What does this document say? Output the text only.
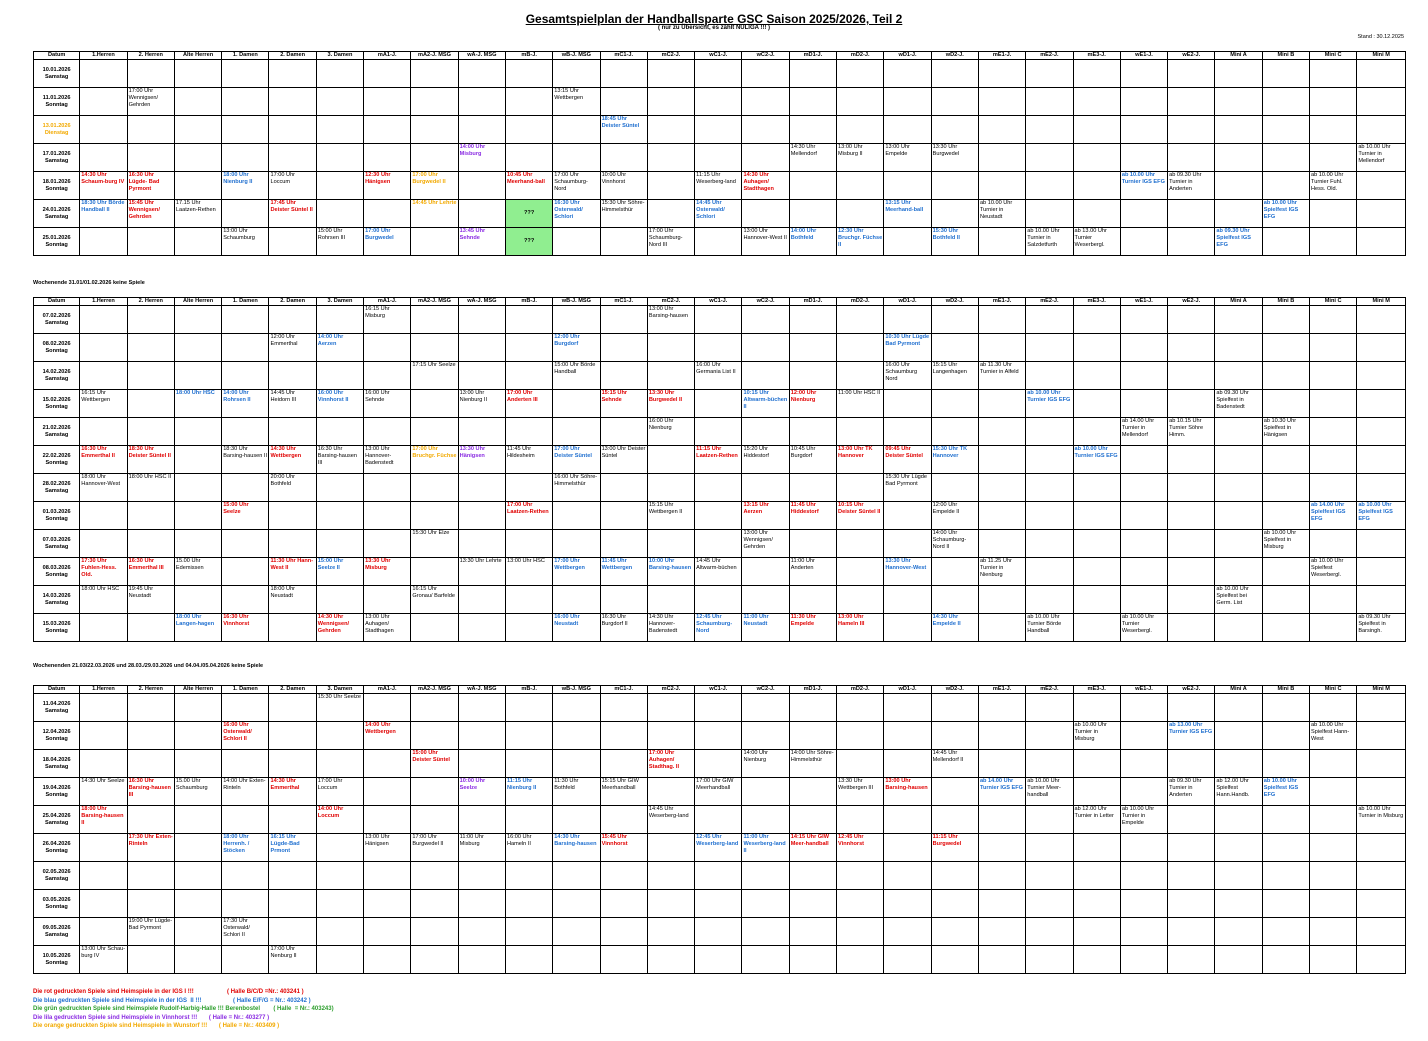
Gesamtspielplan der Handballsparte GSC Saison 2025/2026, Teil 2
( nur zu Übersicht, es zählt NULIGA !!! )
Stand : 30.12.2025
Datum	1.Herren	2. Herren	Alte Herren	1. Damen	2. Damen	3. Damen	mA1-J.	mA2-J. MSG	wA-J. MSG	mB-J.	wB-J. MSG	mC1-J.	mC2-J.	wC1-J.	wC2-J.	mD1-J.	mD2-J.	wD1-J.	wD2-J.	mE1-J.	mE2-J.	mE3-J.	wE1-J.	wE2-J.	Mini A	Mini B	Mini C	Mini M

10.01.2026
Samstag																												

11.01.2026
Sonntag		17:00 Uhr Wennigsen/ Gehrden									13:15 Uhr Wettbergen																	

13.01.2026
Dienstag												18:45 Uhr Deister Süntel																

17.01.2026
Samstag									14:00 Uhr Misburg							14:30 Uhr Mellendorf	13:00 Uhr Misburg II	13:00 Uhr Empelde	13:30 Uhr Burgwedel									ab 10.00 Uhr Turnier in Mellendorf

18.01.2026
Sonntag	14:30 Uhr Schaum-burg IV	16:30 Uhr Lügde- Bad Pyrmont		18:00 Uhr Nienburg II	17:00 Uhr Loccum		12:30 Uhr Hänigsen	17:00 Uhr Burgwedel II		10:45 Uhr Meerhand-ball	17:00 Uhr Schaumburg-Nord	10:00 Uhr Vinnhorst		11:15 Uhr Weserberg-land	14:30 Uhr Auhagen/ Stadthagen								ab 10.00 Uhr Turnier IGS EFG	ab 09.30 Uhr Turnier in Anderten			ab 10.00 Uhr Turnier Fuhl. Hess. Old.	

24.01.2026
Samstag	18:30 Uhr Börde Handball II	15:45 Uhr Wennigsen/ Gehrden	17.15 Uhr Laatzen-Rethen		17:45 Uhr Deister Süntel II			14:45 Uhr Lehrte		???	16:30 Uhr Osterwald/ Schlori	15:30 Uhr Söhre-Himmelsthür		14:45 Uhr Osterwald/ Schlori				13:15 Uhr Meerhand-ball		ab 10.00 Uhr Turnier in Neustadt						ab 10.00 Uhr Spielfest IGS EFG		

25.01.2026
Sonntag				13:00 Uhr Schaumburg		15:00 Uhr Rohrsen III	17:00 Uhr Burgwedel		13:45 Uhr Sehnde	???			17:00 Uhr Schaumburg-Nord III		13:00 Uhr Hannover-West II	14:00 Uhr Bothfeld	12:30 Uhr Bruchgr. Füchse II		15:30 Uhr Bothfeld II		ab 10.00 Uhr Turnier in Salzdetfurth	ab 13.00 Uhr Turnier Weserbergl.			ab 09.30 Uhr Spielfest IGS EFG			
Wochenende 31.01/01.02.2026 keine Spiele
Datum	1.Herren	2. Herren	Alte Herren	1. Damen	2. Damen	3. Damen	mA1-J.	mA2-J. MSG	wA-J. MSG	mB-J.	wB-J. MSG	mC1-J.	mC2-J.	wC1-J.	wC2-J.	mD1-J.	mD2-J.	wD1-J.	wD2-J.	mE1-J.	mE2-J.	mE3-J.	wE1-J.	wE2-J.	Mini A	Mini B	Mini C	Mini M

07.02.2026
Samstag							16:15 Uhr Misburg						13:00 Uhr Barsing-hausen															

08.02.2026
Sonntag					12:00 Uhr Emmerthal	14:00 Uhr Aerzen					12:00 Uhr Burgdorf							10:30 Uhr Lügde Bad Pyrmont										

14.02.2026
Samstag								17:15 Uhr Seelze			15:00 Uhr Börde Handball			16:00 Uhr Germania List II				16:00 Uhr Schaumburg Nord	15:15 Uhr Langenhagen	ab 11.30 Uhr Turnier in Alfeld								

15.02.2026
Sonntag	16:15 Uhr Wettbergen		18:00 Uhr HSC	14:00 Uhr Rohrsen II	14:45 Uhr Heidorn III	16:00 Uhr Vinnhorst II	16:00 Uhr Sehnde		13:00 Uhr Nienburg II	17:00 Uhr Anderten III		15:15 Uhr Sehnde	13:30 Uhr Burgwedel II		10:15 Uhr Altwarm-büchen II	12:00 Uhr Nienburg	11:00 Uhr HSC II				ab 10.00 Uhr Turnier IGS EFG				ab 09.30 Uhr Spielfest in Badenstedt			

21.02.2026
Samstag													16:00 Uhr Nienburg										ab 14.00 Uhr Turnier in Mellendorf	ab 10.15 Uhr Turnier Söhre Himm.		ab 10.30 Uhr Spielfest in Hänigsen		

22.02.2026
Sonntag	16:30 Uhr Emmerthal II	18:30 Uhr Deister Süntel II		18:30 Uhr Barsing-hausen II	14:30 Uhr Wettbergen	16:30 Uhr Barsing-hausen III	13:00 Uhr Hannover-Badenstedt	17:00 Uhr Bruchgr. Füchse	13:30 Uhr Hänigsen	11:45 Uhr Hildesheim	17:00 Uhr Deister Süntel	13:00 Uhr Deister Süntel		11:15 Uhr Laatzen-Rethen	15:20 Uhr Hiddestorf	10:45 Uhr Burgdorf	13:00 Uhr TK Hannover	09:45 Uhr Deister Süntel	15:30 Uhr TK Hannover			ab 10.00 Uhr Turnier IGS EFG						

28.02.2026
Samstag	18:00 Uhr Hannover-West	18:00 Uhr HSC II			20:00 Uhr Bothfeld						16:00 Uhr Söhre-Himmelsthür							15:30 Uhr Lügde Bad Pyrmont										

01.03.2026
Sonntag				15:00 Uhr Seelze						17:00 Uhr Laatzen-Rethen			15:15 Uhr Wettbergen II		13:15 Uhr Aerzen	11:45 Uhr Hiddestorf	10:15 Uhr Deister Süntel II		12:00 Uhr Empelde II								ab 14.00 Uhr Spielfest IGS EFG	ab 10.00 Uhr Spielfest IGS EFG

07.03.2026
Samstag								15:30 Uhr Elze							13:00 Uhr Wennigsen/ Gehrden				14:00 Uhr Schaumburg-Nord II							ab 10.00 Uhr Spielfest in Misburg		

08.03.2026
Sonntag	17:30 Uhr Fuhlen-Hess. Old.	16:30 Uhr Emmerthal III	15.00 Uhr Edemissen		11:30 Uhr Hann-West II	15:00 Uhr Seelze II	13:30 Uhr Misburg		13:30 Uhr Lehrte	13:00 Uhr HSC	17:00 Uhr Wettbergen	11:45 Uhr Wettbergen	10:00 Uhr Barsing-hausen	14:45 Uhr Altwarm-büchen		11:00 Uhr Anderten		13:30 Uhr Hannover-West		ab 11.25 Uhr Turnier in Nienburg							ab 10.00 Uhr Spielfest Weserbergl.	

14.03.2026
Samstag	18:00 Uhr HSC	19:45 Uhr Neustadt			18:00 Uhr Neustadt			16:15 Uhr Gronau/ Barfelde																	ab 10.00 Uhr Spielfest bei Germ. List			

15.03.2026
Sonntag			18:00 Uhr Langen-hagen	16:30 Uhr Vinnhorst		14:30 Uhr Wennigsen/ Gehrden	13:00 Uhr Auhagen/ Stadthagen				16:00 Uhr Neustadt	16:30 Uhr Burgdorf II	14:30 Uhr Hannover-Badenstedt	12:45 Uhr Schaumburg-Nord	11:00 Uhr Neustadt	11:30 Uhr Empelde	13:00 Uhr Hameln III		14:30 Uhr Empelde II		ab 10.00 Uhr Turnier Börde Handball		ab 10.00 Uhr Turnier Weserbergl.					ab 09.30 Uhr Spielfest in Barsingh.
Wochenenden 21.03/22.03.2026 und 28.03./29.03.2026 und 04.04./05.04.2026 keine Spiele
Datum	1.Herren	2. Herren	Alte Herren	1. Damen	2. Damen	3. Damen	mA1-J.	mA2-J. MSG	wA-J. MSG	mB-J.	wB-J. MSG	mC1-J.	mC2-J.	wC1-J.	wC2-J.	mD1-J.	mD2-J.	wD1-J.	wD2-J.	mE1-J.	mE2-J.	mE3-J.	wE1-J.	wE2-J.	Mini A	Mini B	Mini C	Mini M

11.04.2026
Samstag						15:30 Uhr Seelze																						

12.04.2026
Sonntag				16:00 Uhr Osterwald/ Schlori II			14:00 Uhr Wettbergen															ab 10.00 Uhr Turnier in Misburg		ab 13.00 Uhr Turnier IGS EFG			ab 10.00 Uhr Spielfest Hann-West	

18.04.2026
Samstag								15:00 Uhr Deister Süntel					17:00 Uhr Auhagen/ Stadthag. II		14:00 Uhr Nienburg	14:00 Uhr Söhre-Himmelsthür			14:45 Uhr Mellendorf II									

19.04.2026
Sonntag	14:30 Uhr Seelze	16:30 Uhr Barsing-hausen III	15.00 Uhr Schaumburg	14:00 Uhr Exten-Rinteln	14:30 Uhr Emmerthal	17:00 Uhr Loccum			10:00 Uhr Seelze	11:15 Uhr Nienburg II	11:30 Uhr Bothfeld	15:15 Uhr GIW Meerhandball		17:00 Uhr GIW Meerhandball			13:30 Uhr Wettbergen III	13:00 Uhr Barsing-hausen		ab 14.00 Uhr Turnier IGS EFG	ab 10.00 Uhr Turnier Meer-handball			ab 09.30 Uhr Turnier in Anderten	ab 12.00 Uhr Spielfest Hann.Handb.	ab 10.00 Uhr Spielfest IGS EFG		

25.04.2026
Samstag	18:00 Uhr Barsing-hausen II					14:00 Uhr Loccum							14:45 Uhr Weserberg-land									ab 12.00 Uhr Turnier in Letter	ab 10.00 Uhr Turnier in Empelde					ab 10.00 Uhr Turnier in Misburg

26.04.2026
Sonntag		17:30 Uhr Exten-Rinteln		18:00 Uhr Herrenh. / Stöcken	16:15 Uhr Lügde-Bad Prmont		13:00 Uhr Hänigsen	17:00 Uhr Burgwedel II	11:00 Uhr Misburg	16:00 Uhr Hameln II	14:30 Uhr Barsing-hausen	15:45 Uhr Vinnhorst		12:45 Uhr Weserberg-land	11:00 Uhr Weserberg-land II	14:15 Uhr GIW Meer-handball	12:45 Uhr Vinnhorst		11:15 Uhr Burgwedel									

02.05.2026
Samstag																												

03.05.2026
Sonntag																												

09.05.2026
Samstag		19:00 Uhr Lügde- Bad Pyrmont		17:30 Uhr Osterwald/ Schlori II																								

10.05.2026
Sonntag	13:00 Uhr Schau-burg IV				17:00 Uhr Nenburg II																							
Die rot gedruckten Spiele sind Heimspiele in der IGS I !!!                    ( Halle B/C/D =Nr.: 403241 )
Die blau gedruckten Spiele sind Heimspiele in der IGS  II !!!                   ( Halle E/F/G = Nr.: 403242 )
Die grün gedruckten Spiele sind Heimspiele Rudolf-Harbig-Halle !!! Berenbostel        ( Halle  = Nr.: 403243)
Die lila gedruckten Spiele sind Heimspiele in Vinnhorst !!!       ( Halle = Nr.: 403277 )
Die orange gedruckten Spiele sind Heimspiele in Wunstorf !!!       ( Halle = Nr.: 403409 )
